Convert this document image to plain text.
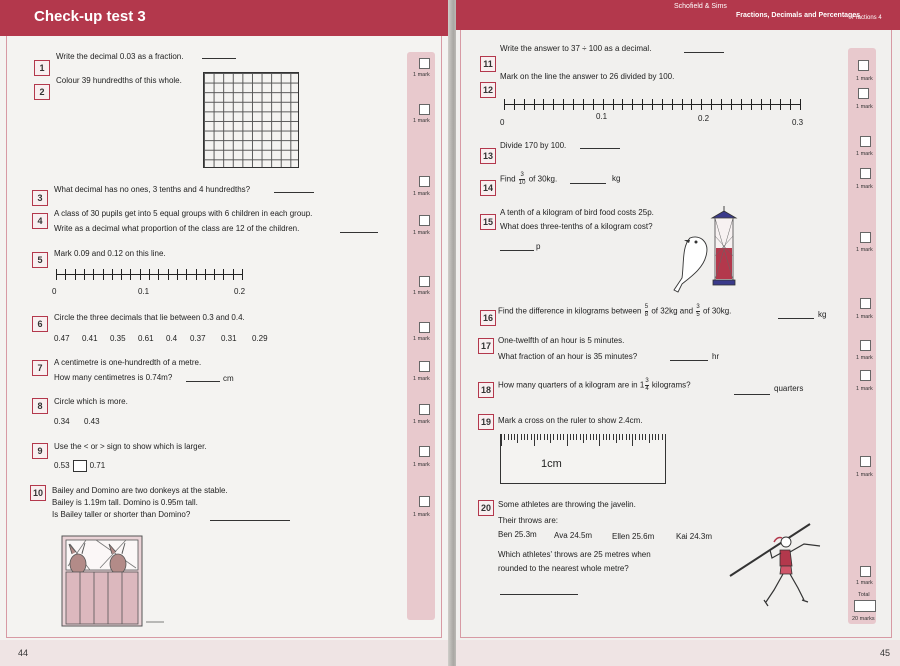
Check-up test 3
44
1
Write the decimal 0.03 as a fraction.
1 mark
2
Colour 39 hundredths of this whole.
1 mark
3
What decimal has no ones, 3 tenths and 4 hundredths?	1 mark
4
A class of 30 pupils get into 5 equal groups with 6 children in each group.
Write as a decimal what proportion of the class are 12 of the children.	1 mark
5
Mark 0.09 and 0.12 on this line.
0	0.1	0.2	1 mark
6
Circle the three decimals that lie between 0.3 and 0.4.
0.47 0.41 0.35 0.61 0.4 0.37 0.31 0.29	1 mark
7
A centimetre is one-hundredth of a metre.
How many centimetres is 0.74m?	cm	1 mark
8	Circle which is more.
0.34 0.43	1 mark
9	Use the < or > sign to show which is larger.
0.53	0.71	1 mark
10	Bailey and Domino are two donkeys at the stable.
Bailey is 1.19m tall. Domino is 0.95m tall.
Is Bailey taller or shorter than Domino?	1 mark
Schofield & Sims
Fractions, Decimals and Percentages
Fractions 4
45
11
Write the answer to 37 ÷ 100 as a decimal.
1 mark
12
Mark on the line the answer to 26 divided by 100.
0
0.1	0.2	0.3
1 mark
13
Divide 170 by 100.
1 mark
14
Find $\frac{3}{10}$ of 30kg.	kg
1 mark
15
A tenth of a kilogram of bird food costs 25p.
What does three-tenths of a kilogram cost?
p	1 mark
16
Find the difference in kilograms between $\frac{5}{8}$ of 32kg and $\frac{3}{5}$ of 30kg.	kg	1 mark
17
One-twelfth of an hour is 5 minutes.
What fraction of an hour is 35 minutes?	hr	1 mark
18 How many quarters of a kilogram are in $1 \frac{3}{4}$ kilograms?	quarters	1 mark
19 Mark a cross on the ruler to show 2.4cm.
1 mark
20 Some athletes are throwing the javelin.
Their throws are:
Ben 25.3m Ava 24.5m Ellen 25.6m	Kai 24.3m
Which athletes' throws are 25 metres when
rounded to the nearest whole metre?
1 mark
Total
20 marks
1cm
